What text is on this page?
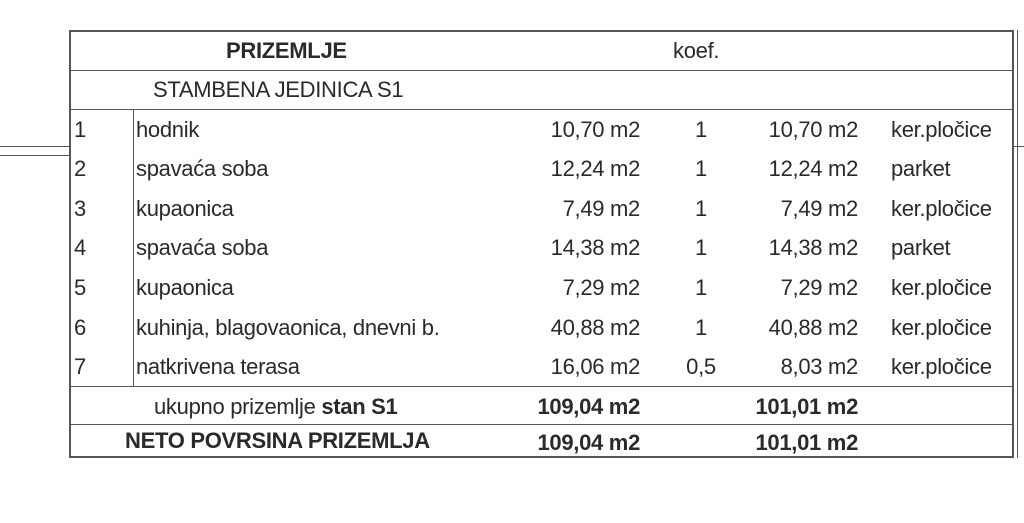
PRIZEMLJE	koef.
STAMBENA JEDINICA S1
1 hodnik	10,70 m2	1	10,70 m2 ker.pločice
2 spavaća soba	12,24 m2	1	12,24 m2 parket
3 kupaonica	7,49 m2	1	7,49 m2 ker.pločice
4 spavaća soba	14,38 m2	1	14,38 m2 parket
5 kupaonica	7,29 m2	1	7,29 m2 ker.pločice
6 kuhinja, blagovaonica, dnevni b.	40,88 m2	1	40,88 m2 ker.pločice
7 natkrivena terasa	16,06 m2 0,5	8,03 m2 ker.pločice
ukupno prizemlje stan S1	109,04 m2	101,01 m2
NETO POVRSINA PRIZEMLJA	109,04 m2	101,01 m2
